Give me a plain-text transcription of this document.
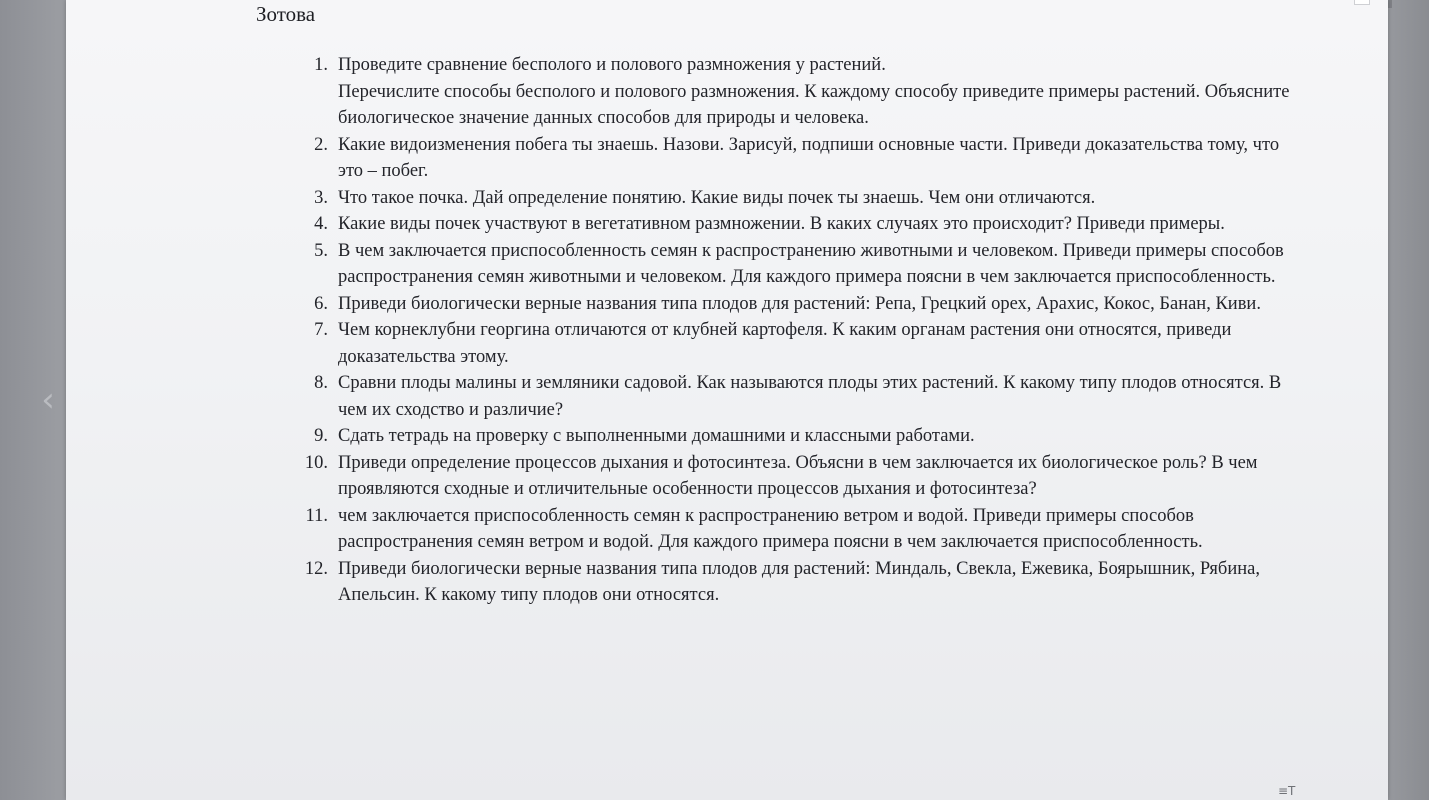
‹
Зотова
1. Проведите сравнение бесполого и полового размножения у растений.
Перечислите способы бесполого и полового размножения. К каждому способу приведите примеры растений. Объясните биологическое значение данных способов для природы и человека.
2. Какие видоизменения побега ты знаешь. Назови. Зарисуй, подпиши основные части. Приведи доказательства тому, что это – побег.
3. Что такое почка. Дай определение понятию. Какие виды почек ты знаешь. Чем они отличаются.
4. Какие виды почек участвуют в вегетативном размножении. В каких случаях это происходит? Приведи примеры.
5. В чем заключается приспособленность семян к распространению животными и человеком. Приведи примеры способов распространения семян животными и человеком. Для каждого примера поясни в чем заключается приспособленность.
6. Приведи биологически верные названия типа плодов для растений: Репа, Грецкий орех, Арахис, Кокос, Банан, Киви.
7. Чем корнеклубни георгина отличаются от клубней картофеля. К каким органам растения они относятся, приведи доказательства этому.
8. Сравни плоды малины и земляники садовой. Как называются плоды этих растений. К какому типу плодов относятся. В чем их сходство и различие?
9. Сдать тетрадь на проверку с выполненными домашними и классными работами.
10. Приведи определение процессов дыхания и фотосинтеза. Объясни в чем заключается их биологическое роль? В чем проявляются сходные и отличительные особенности процессов дыхания и фотосинтеза?
11. чем заключается приспособленность семян к распространению ветром и водой. Приведи примеры способов распространения семян ветром и водой. Для каждого примера поясни в чем заключается приспособленность.
12. Приведи биологически верные названия типа плодов для растений: Миндаль, Свекла, Ежевика, Боярышник, Рябина, Апельсин. К какому типу плодов они относятся.
≡T
